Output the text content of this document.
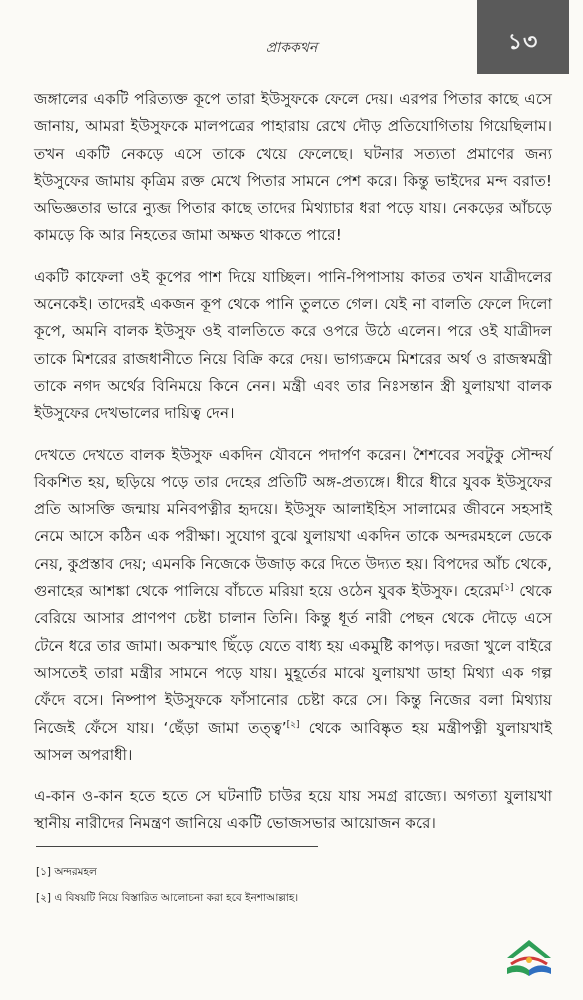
প্রাককথন	১৩

জঙ্গালের একটি পরিত্যক্ত কূপে তারা ইউসুফকে ফেলে দেয়। এরপর পিতার কাছে এসে জানায়, আমরা ইউসুফকে মালপত্রের পাহারায় রেখে দৌড় প্রতিযোগিতায় গিয়েছিলাম। তখন একটি নেকড়ে এসে তাকে খেয়ে ফেলেছে। ঘটনার সত্যতা প্রমাণের জন্য ইউসুফের জামায় কৃত্রিম রক্ত মেখে পিতার সামনে পেশ করে। কিন্তু ভাইদের মন্দ বরাত! অভিজ্ঞতার ভারে ন্যুব্জ পিতার কাছে তাদের মিথ্যাচার ধরা পড়ে যায়। নেকড়ের আঁচড়ে কামড়ে কি আর নিহতের জামা অক্ষত থাকতে পারে!

একটি কাফেলা ওই কূপের পাশ দিয়ে যাচ্ছিল। পানি-পিপাসায় কাতর তখন যাত্রীদলের অনেকেই। তাদেরই একজন কূপ থেকে পানি তুলতে গেল। যেই না বালতি ফেলে দিলো কূপে, অমনি বালক ইউসুফ ওই বালতিতে করে ওপরে উঠে এলেন। পরে ওই যাত্রীদল তাকে মিশরের রাজধানীতে নিয়ে বিক্রি করে দেয়। ভাগ্যক্রমে মিশরের অর্থ ও রাজস্বমন্ত্রী তাকে নগদ অর্থের বিনিময়ে কিনে নেন। মন্ত্রী এবং তার নিঃসন্তান স্ত্রী যুলায়খা বালক ইউসুফের দেখভালের দায়িত্ব দেন।

দেখতে দেখতে বালক ইউসুফ একদিন যৌবনে পদার্পণ করেন। শৈশবের সবটুকু সৌন্দর্য বিকশিত হয়, ছড়িয়ে পড়ে তার দেহের প্রতিটি অঙ্গ-প্রত্যঙ্গে। ধীরে ধীরে যুবক ইউসুফের প্রতি আসক্তি জন্মায় মনিবপত্নীর হৃদয়ে। ইউসুফ আলাইহিস সালামের জীবনে সহসাই নেমে আসে কঠিন এক পরীক্ষা। সুযোগ বুঝে যুলায়খা একদিন তাকে অন্দরমহলে ডেকে নেয়, কুপ্রস্তাব দেয়; এমনকি নিজেকে উজাড় করে দিতে উদ্যত হয়। বিপদের আঁচ থেকে, গুনাহের আশঙ্কা থেকে পালিয়ে বাঁচতে মরিয়া হয়ে ওঠেন যুবক ইউসুফ। হেরেম[১] থেকে বেরিয়ে আসার প্রাণপণ চেষ্টা চালান তিনি। কিন্তু ধূর্ত নারী পেছন থেকে দৌড়ে এসে টেনে ধরে তার জামা। অকস্মাৎ ছিঁড়ে যেতে বাধ্য হয় একমুষ্টি কাপড়। দরজা খুলে বাইরে আসতেই তারা মন্ত্রীর সামনে পড়ে যায়। মুহূর্তের মাঝে যুলায়খা ডাহা মিথ্যা এক গল্প ফেঁদে বসে। নিষ্পাপ ইউসুফকে ফাঁসানোর চেষ্টা করে সে। কিন্তু নিজের বলা মিথ্যায় নিজেই ফেঁসে যায়। ‘ছেঁড়া জামা তত্ত্ব’[২] থেকে আবিষ্কৃত হয় মন্ত্রীপত্নী যুলায়খাই আসল অপরাধী।

এ-কান ও-কান হতে হতে সে ঘটনাটি চাউর হয়ে যায় সমগ্র রাজ্যে। অগত্যা যুলায়খা স্থানীয় নারীদের নিমন্ত্রণ জানিয়ে একটি ভোজসভার আয়োজন করে।

[১] অন্দরমহল
[২] এ বিষয়টি নিয়ে বিস্তারিত আলোচনা করা হবে ইনশাআল্লাহ।
